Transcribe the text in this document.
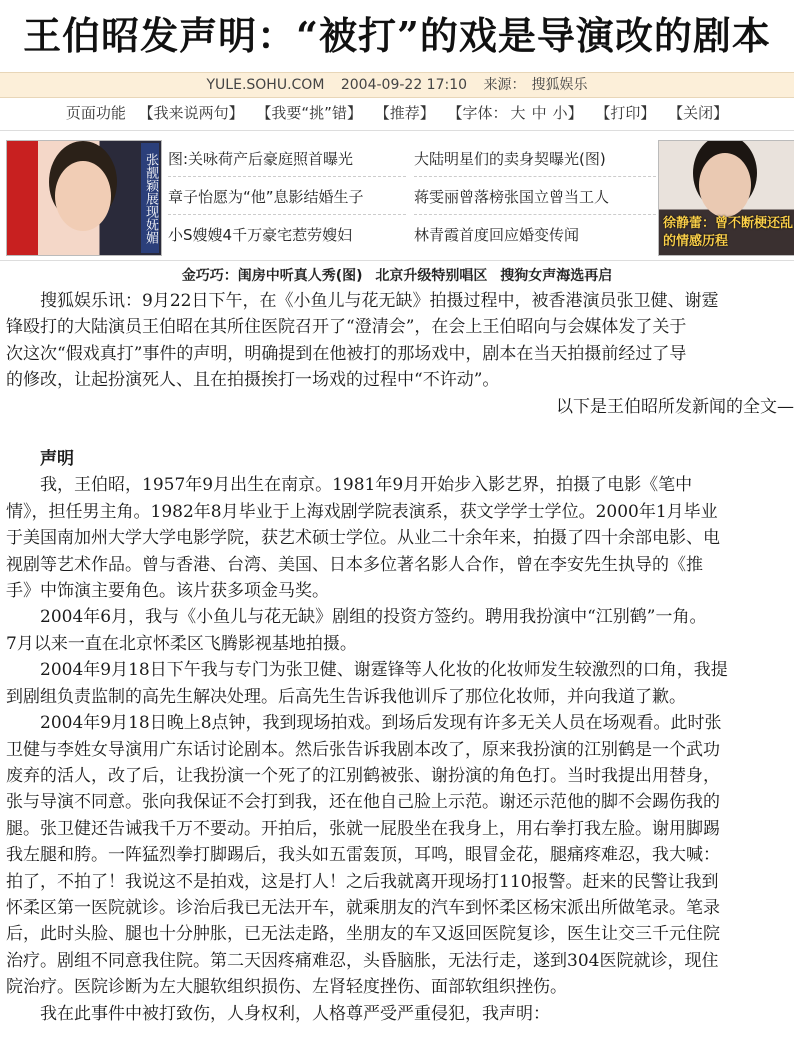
王伯昭发声明：“被打”的戏是导演改的剧本
YULE.SOHU.COM 2004-09-22 17:10 来源： 搜狐娱乐
页面功能 【我来说两句】 【我要“挑”错】 【推荐】 【字体： 大 中 小】 【打印】 【关闭】
张靓颖展现妩媚 图:关咏荷产后豪庭照首曝光	大陆明星们的卖身契曝光(图)
章子怡愿为“他”息影结婚生子	蒋雯丽曾落榜张国立曾当工人
小S嫂嫂4千万豪宅惹劳嫂妇	林青霞首度回应婚变传闻
徐静蕾：曾不断梗还乱的情感历程
金巧巧：闺房中听真人秀(图) 北京升级特别唱区 搜狗女声海选再启

　　搜狐娱乐讯：9月22日下午，在《小鱼儿与花无缺》拍摄过程中，被香港演员张卫健、谢霆

锋殴打的大陆演员王伯昭在其所住医院召开了“澄清会”，在会上王伯昭向与会媒体发了关于

次这次“假戏真打”事件的声明，明确提到在他被打的那场戏中，剧本在当天拍摄前经过了导

的修改，让起扮演死人、且在拍摄挨打一场戏的过程中“不许动”。

以下是王伯昭所发新闻的全文—

声明

　　我，王伯昭，1957年9月出生在南京。1981年9月开始步入影艺界，拍摄了电影《笔中

情》，担任男主角。1982年8月毕业于上海戏剧学院表演系，获文学学士学位。2000年1月毕业

于美国南加州大学大学电影学院，获艺术硕士学位。从业二十余年来，拍摄了四十余部电影、电

视剧等艺术作品。曾与香港、台湾、美国、日本多位著名影人合作，曾在李安先生执导的《推

手》中饰演主要角色。该片获多项金马奖。

　　2004年6月，我与《小鱼儿与花无缺》剧组的投资方签约。聘用我扮演中“江别鹤”一角。

7月以来一直在北京怀柔区飞腾影视基地拍摄。

　　2004年9月18日下午我与专门为张卫健、谢霆锋等人化妆的化妆师发生较激烈的口角，我提

到剧组负责监制的高先生解决处理。后高先生告诉我他训斥了那位化妆师，并向我道了歉。

　　2004年9月18日晚上8点钟，我到现场拍戏。到场后发现有许多无关人员在场观看。此时张

卫健与李姓女导演用广东话讨论剧本。然后张告诉我剧本改了，原来我扮演的江别鹤是一个武功

废弃的活人，改了后，让我扮演一个死了的江别鹤被张、谢扮演的角色打。当时我提出用替身，

张与导演不同意。张向我保证不会打到我，还在他自己脸上示范。谢还示范他的脚不会踢伤我的

腿。张卫健还告诫我千万不要动。开拍后，张就一屁股坐在我身上，用右拳打我左脸。谢用脚踢

我左腿和胯。一阵猛烈拳打脚踢后，我头如五雷轰顶，耳鸣，眼冒金花，腿痛疼难忍，我大喊：

拍了，不拍了！我说这不是拍戏，这是打人！之后我就离开现场打110报警。赶来的民警让我到

怀柔区第一医院就诊。诊治后我已无法开车，就乘朋友的汽车到怀柔区杨宋派出所做笔录。笔录

后，此时头脸、腿也十分肿胀，已无法走路，坐朋友的车又返回医院复诊，医生让交三千元住院

治疗。剧组不同意我住院。第二天因疼痛难忍，头昏脑胀，无法行走，遂到304医院就诊，现住

院治疗。医院诊断为左大腿软组织损伤、左肾轻度挫伤、面部软组织挫伤。

　　我在此事件中被打致伤，人身权利，人格尊严受严重侵犯，我声明：
